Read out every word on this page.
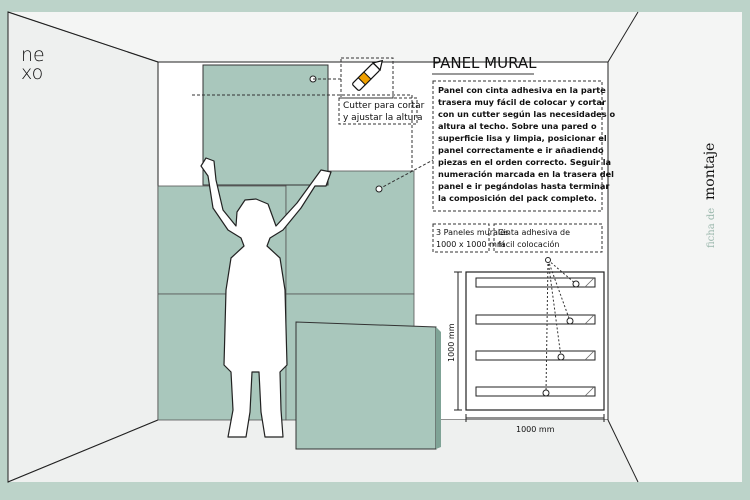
Cutter para cortar y ajustar la altura
ne
xo	PANEL MURAL
Panel con cinta adhesiva en la parte trasera muy fácil de colocar y cortar con un cutter según las necesidades o altura al techo. Sobre una pared o superficie lisa y limpia, posicionar el panel correctamente e ir añadiendo piezas en el orden correcto. Seguir la numeración marcada en la trasera del panel e ir pegándolas hasta terminar la composición del pack completo.
3 Paneles murales 1000 x 1000 mm
Cinta adhesiva de fácil colocación
1000 mm
1000 mm
ficha de
montaje
